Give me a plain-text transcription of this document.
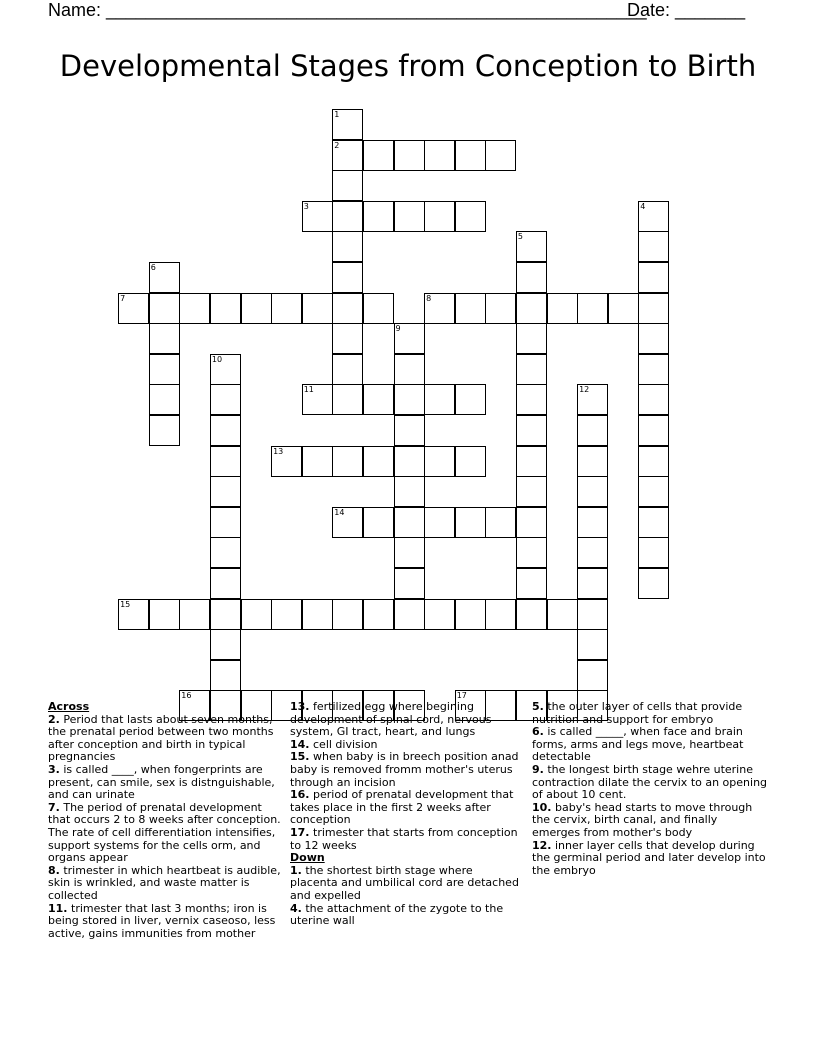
Name: ______________________________________________________
Date: _______
Developmental Stages from Conception to Birth
1
2
3	4
5
6
7	8
9
10
11	12
13
14
15
16	17
Across
2. Period that lasts about seven months, the prenatal period between two months after conception and birth in typical pregnancies
3. is called ____, when fongerprints are present, can smile, sex is distnguishable, and can urinate
7. The period of prenatal development that occurs 2 to 8 weeks after conception. The rate of cell differentiation intensifies, support systems for the cells orm, and organs appear
8. trimester in which heartbeat is audible, skin is wrinkled, and waste matter is collected
11. trimester that last 3 months; iron is being stored in liver, vernix caseoso, less active, gains immunities from mother
13. fertilized egg where begining development of spinal cord, nervous system, GI tract, heart, and lungs
14. cell division
15. when baby is in breech position anad baby is removed fromm mother's uterus through an incision
16. period of prenatal development that takes place in the first 2 weeks after conception
17. trimester that starts from conception to 12 weeks
Down
1. the shortest birth stage where placenta and umbilical cord are detached and expelled
4. the attachment of the zygote to the uterine wall
5. the outer layer of cells that provide nutrition and support for embryo
6. is called _____, when face and brain forms, arms and legs move, heartbeat detectable
9. the longest birth stage wehre uterine contraction dilate the cervix to an opening of about 10 cent.
10. baby's head starts to move through the cervix, birth canal, and finally emerges from mother's body
12. inner layer cells that develop during the germinal period and later develop into the embryo
